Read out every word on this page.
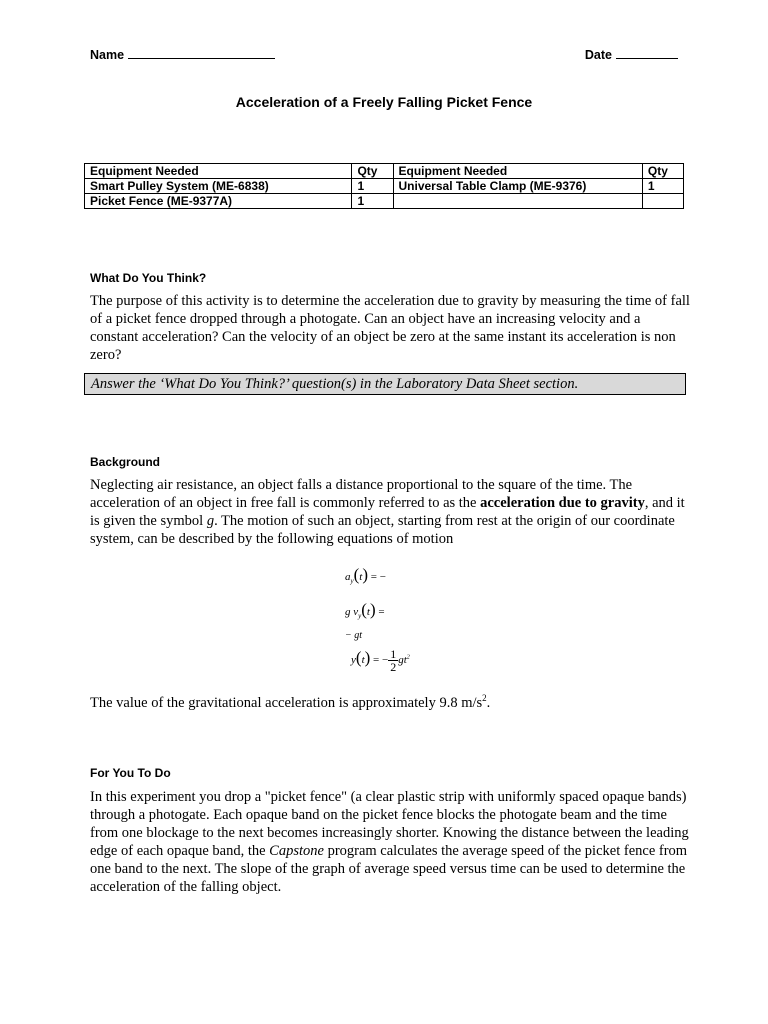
Name	Date
Acceleration of a Freely Falling Picket Fence
Equipment Needed	Qty	Equipment Needed	Qty
Smart Pulley System (ME-6838)	1	Universal Table Clamp (ME-9376)	1
Picket Fence (ME-9377A)	1		
What Do You Think?

The purpose of this activity is to determine the acceleration due to gravity by measuring the time of fall of a picket fence dropped through a photogate. Can an object have an increasing velocity and a constant acceleration? Can the velocity of an object be zero at the same instant its acceleration is non zero?

Answer the ‘What Do You Think?’ question(s) in the Laboratory Data Sheet section.
Background

Neglecting air resistance, an object falls a distance proportional to the square of the time. The acceleration of an object in free fall is commonly referred to as the acceleration due to gravity, and it is given the symbol g. The motion of such an object, starting from rest at the origin of our coordinate system, can be described by the following equations of motion

$a_y(t)$ = −
g $v_y(t)$ =
− gt
y(t) = − $\frac{1}{2} gt^2$

The value of the gravitational acceleration is approximately 9.8 $m/s^2$.

For You To Do

In this experiment you drop a "picket fence" (a clear plastic strip with uniformly spaced opaque bands) through a photogate. Each opaque band on the picket fence blocks the photogate beam and the time from one blockage to the next becomes increasingly shorter. Knowing the distance between the leading edge of each opaque band, the Capstone program calculates the average speed of the picket fence from one band to the next. The slope of the graph of average speed versus time can be used to determine the acceleration of the falling object.
